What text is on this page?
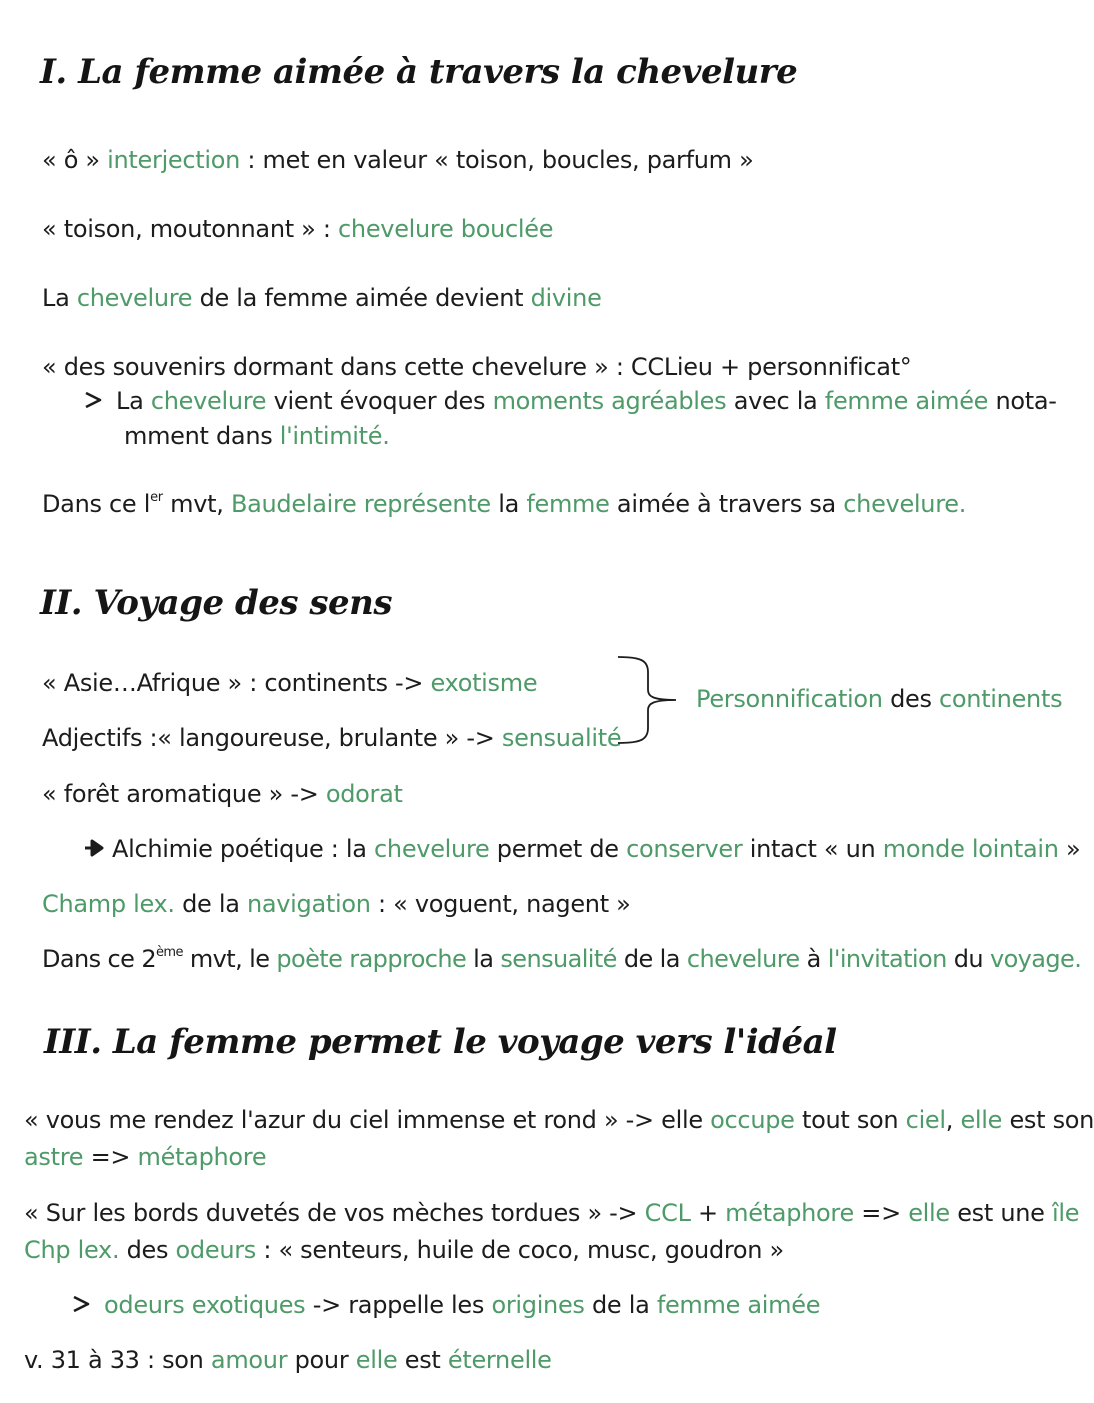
I. La femme aimée à travers la chevelure
« ô » interjection : met en valeur « toison, boucles, parfum »
« toison, moutonnant » : chevelure bouclée
La chevelure de la femme aimée devient divine
« des souvenirs dormant dans cette chevelure » : CCLieu + personnificat°
La chevelure vient évoquer des moments agréables avec la femme aimée nota-
mment dans l'intimité.
Dans ce $l^{er}$ mvt, Baudelaire représente la femme aimée à travers sa chevelure.
II. Voyage des sens
« Asie…Afrique » : continents -> exotisme
Adjectifs :« langoureuse, brulante » -> sensualité
Personnification des continents
« forêt aromatique » -> odorat
Alchimie poétique : la chevelure permet de conserver intact « un monde lointain »
Champ lex. de la navigation : « voguent, nagent »
Dans ce 2ème mvt, le poète rapproche la sensualité de la chevelure à l'invitation du voyage.
III. La femme permet le voyage vers l'idéal
« vous me rendez l'azur du ciel immense et rond » -> elle occupe tout son ciel, elle est son
astre => métaphore
« Sur les bords duvetés de vos mèches tordues » -> CCL + métaphore => elle est une île
Chp lex. des odeurs : « senteurs, huile de coco, musc, goudron »
odeurs exotiques -> rappelle les origines de la femme aimée
v. 31 à 33 : son amour pour elle est éternelle
